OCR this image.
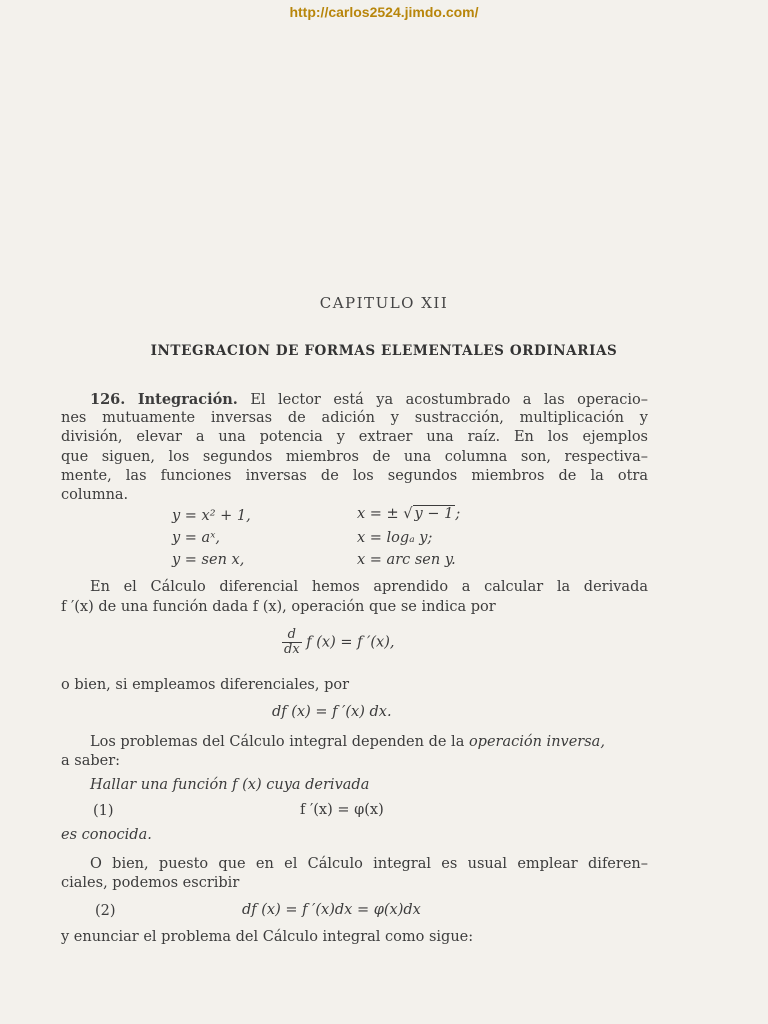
http://carlos2524.jimdo.com/
CAPITULO XII
INTEGRACION DE FORMAS ELEMENTALES ORDINARIAS
126. Integración. El lector está ya acostumbrado a las operacio–
nes mutuamente inversas de adición y sustracción, multiplicación y
división, elevar a una potencia y extraer una raíz. En los ejemplos
que siguen, los segundos miembros de una columna son, respectiva–
mente, las funciones inversas de los segundos miembros de la otra
columna.
y = x² + 1,
y = aˣ,
y = sen x,
x = ± √ y − 1 ;
x = logₐ y;
x = arc sen y.
En el Cálculo diferencial hemos aprendido a calcular la derivada
f ′(x) de una función dada f (x), operación que se indica por
$\frac{d}{dx}$ f (x) = f ′(x),
o bien, si empleamos diferenciales, por
df (x) = f ′(x) dx.
Los problemas del Cálculo integral dependen de la operación inversa,
a saber:
Hallar una función f (x) cuya derivada
(1)	f ′(x) = φ(x)
es conocida.
O bien, puesto que en el Cálculo integral es usual emplear diferen–
ciales, podemos escribir
(2)	df (x) = f ′(x)dx = φ(x)dx
y enunciar el problema del Cálculo integral como sigue:
